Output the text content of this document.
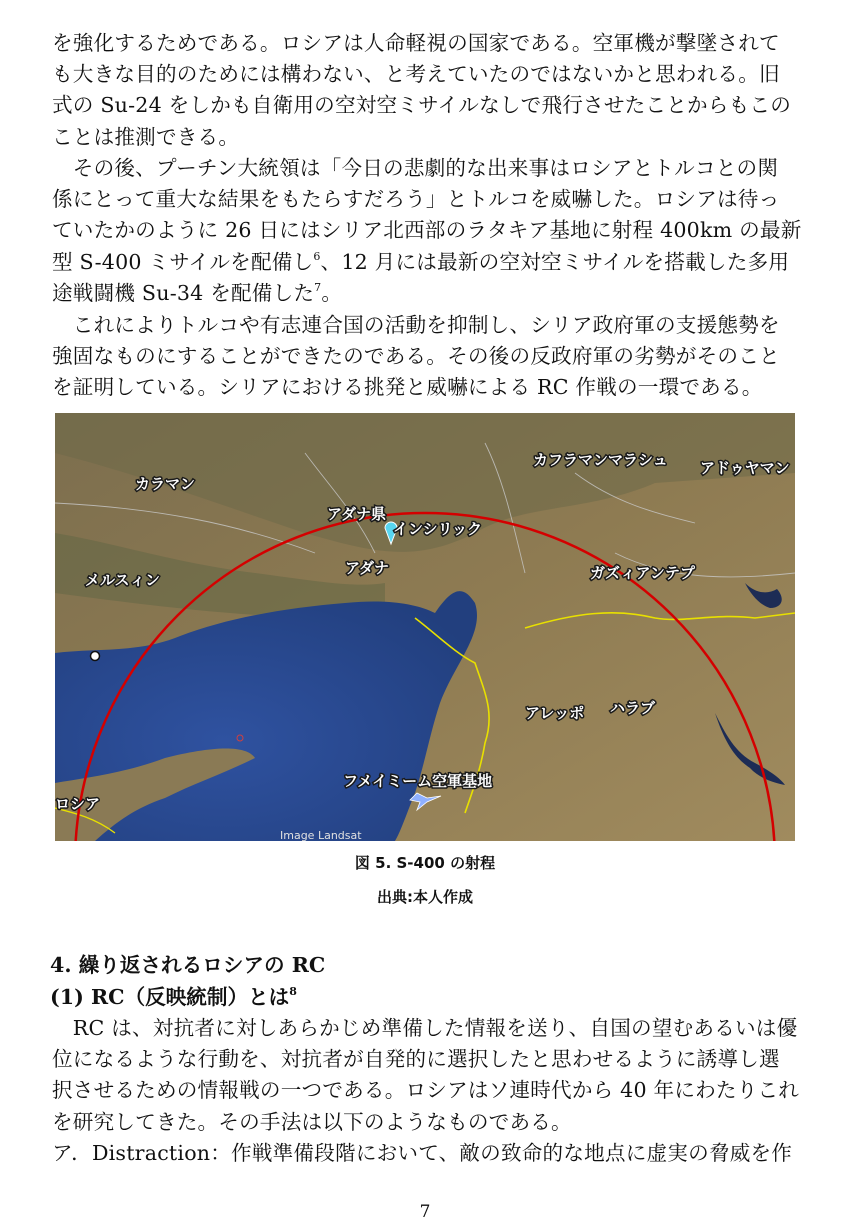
を強化するためである。ロシアは人命軽視の国家である。空軍機が撃墜されて
も大きな目的のためには構わない、と考えていたのではないかと思われる。旧
式の Su-24 をしかも自衛用の空対空ミサイルなしで飛行させたことからもこの
ことは推測できる。
　その後、プーチン大統領は「今日の悲劇的な出来事はロシアとトルコとの関
係にとって重大な結果をもたらすだろう」とトルコを威嚇した。ロシアは待っ
ていたかのように 26 日にはシリア北西部のラタキア基地に射程 400km の最新
型 S-400 ミサイルを配備し$^6$、12 月には最新の空対空ミサイルを搭載した多用
途戦闘機 Su-34 を配備した$^7$。
　これによりトルコや有志連合国の活動を抑制し、シリア政府軍の支援態勢を
強固なものにすることができたのである。その後の反政府軍の劣勢がそのこと
を証明している。シリアにおける挑発と威嚇による RC 作戦の一環である。
カラマン
アダナ県
インシリック
アダナ
メルスィン
カフラマンマラシュ アドゥヤマン
ガズィアンテプ
アレッポ ハラブ
フメイミーム空軍基地
ロシア
Image Landsat
図 5. S-400 の射程
出典:本人作成

4. 繰り返されるロシアの RC

(1) RC（反映統制）とは$^8$

　RC は、対抗者に対しあらかじめ準備した情報を送り、自国の望むあるいは優
位になるような行動を、対抗者が自発的に選択したと思わせるように誘導し選
択させるための情報戦の一つである。ロシアはソ連時代から 40 年にわたりこれ
を研究してきた。その手法は以下のようなものである。
ア．Distraction：作戦準備段階において、敵の致命的な地点に虚実の脅威を作
7
